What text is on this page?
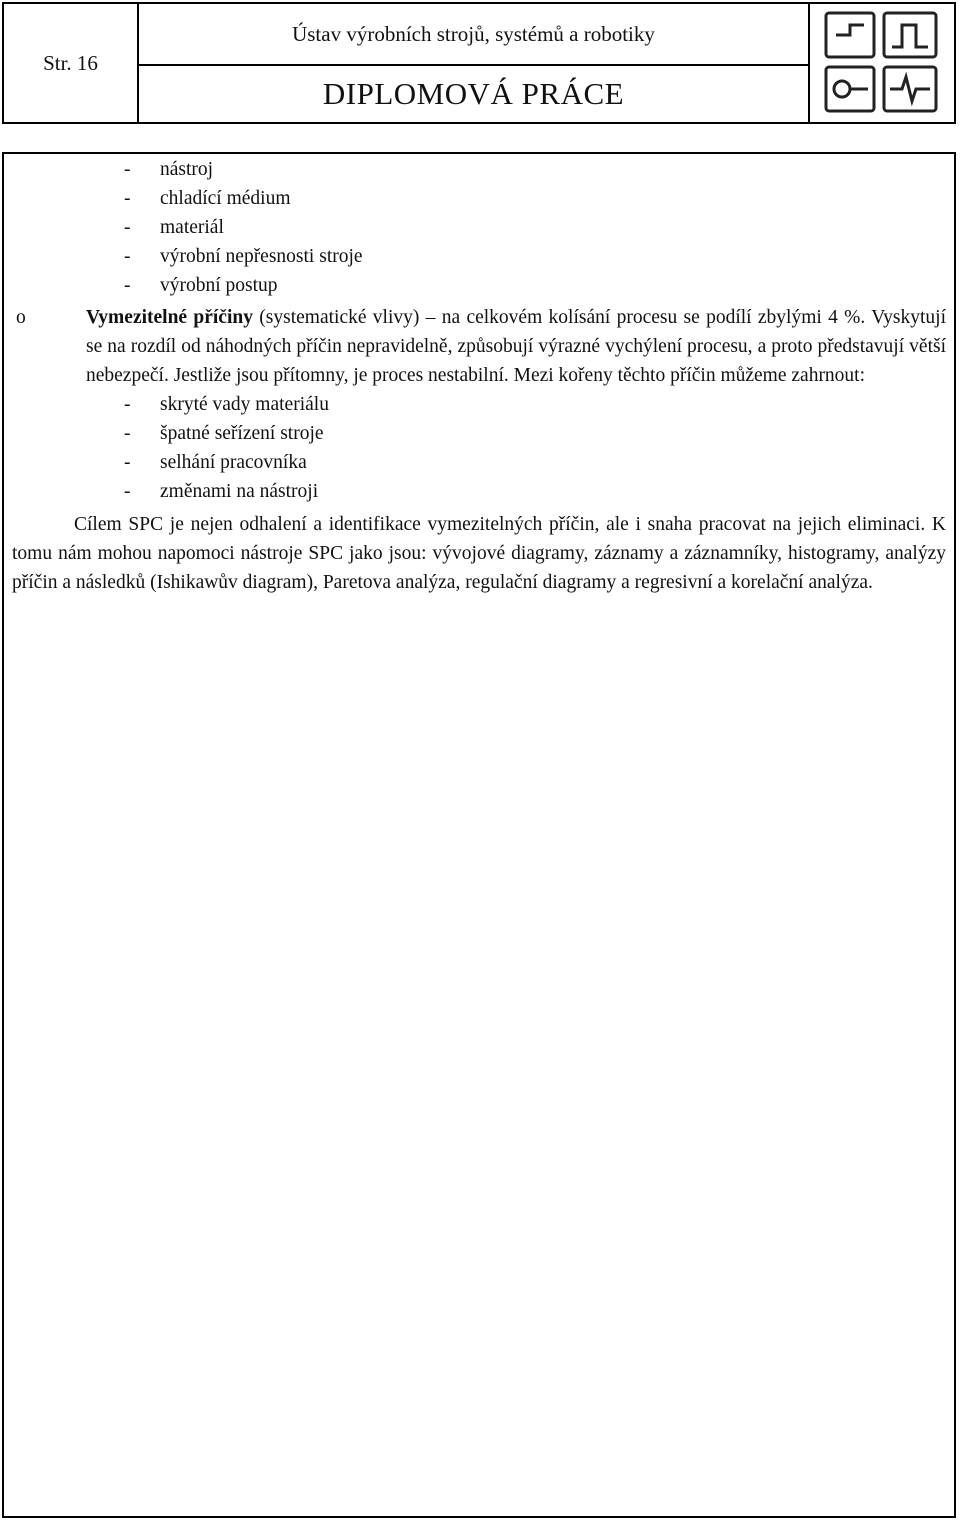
Str. 16
Ústav výrobních strojů, systémů a robotiky
DIPLOMOVÁ PRÁCE
- nástroj
- chladící médium
- materiál
- výrobní nepřesnosti stroje
- výrobní postup
o	Vymezitelné příčiny (systematické vlivy) – na celkovém kolísání procesu se podílí zbylými 4 %. Vyskytují se na rozdíl od náhodných příčin nepravidelně, způsobují výrazné vychýlení procesu, a proto představují větší nebezpečí. Jestliže jsou přítomny, je proces nestabilní. Mezi kořeny těchto příčin můžeme zahrnout:
- skryté vady materiálu
- špatné seřízení stroje
- selhání pracovníka
- změnami na nástroji

Cílem SPC je nejen odhalení a identifikace vymezitelných příčin, ale i snaha pracovat na jejich eliminaci. K tomu nám mohou napomoci nástroje SPC jako jsou: vývojové diagramy, záznamy a záznamníky, histogramy, analýzy příčin a následků (Ishikawův diagram), Paretova analýza, regulační diagramy a regresivní a korelační analýza.
